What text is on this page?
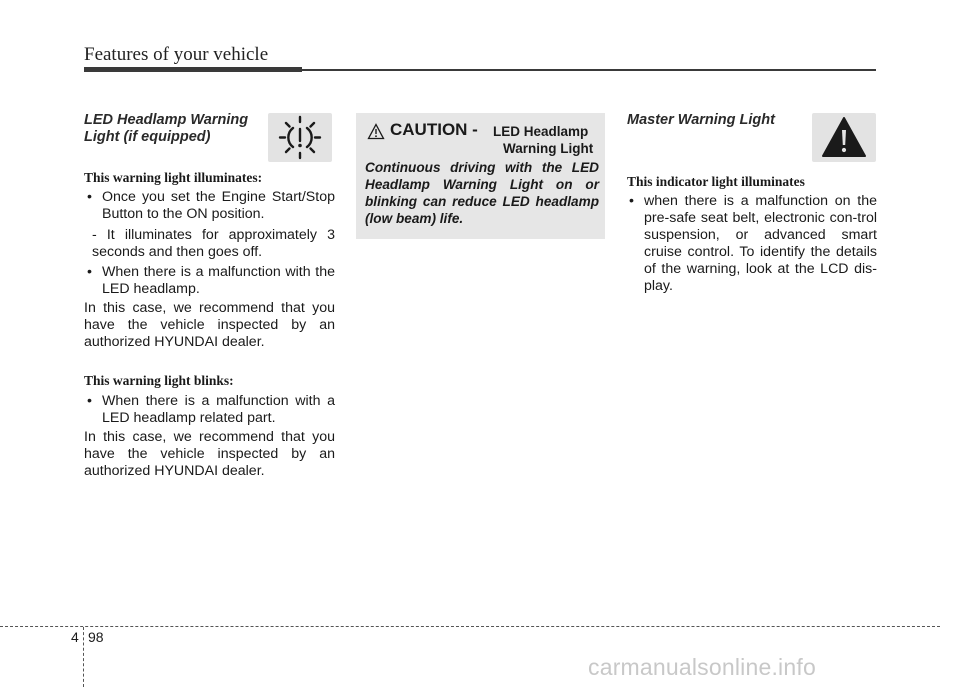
Features of your vehicle
LED Headlamp Warning
Light (if equipped)
This warning light illuminates:
• Once you set the Engine Start/Stop Button to the ON position.
- It illuminates for approximately 3 seconds and then goes off.
• When there is a malfunction with the LED headlamp.
In this case, we recommend that you have the vehicle inspected by an authorized HYUNDAI dealer.
This warning light blinks:
• When there is a malfunction with a LED headlamp related part.
In this case, we recommend that you have the vehicle inspected by an authorized HYUNDAI dealer.
CAUTION - LED Headlamp
Warning Light
Continuous driving with the LED Headlamp Warning Light on or blinking can reduce LED headlamp (low beam) life.
Master Warning Light
This indicator light illuminates
• when there is a malfunction on the pre-safe seat belt, electronic con-trol suspension, or advanced smart cruise control. To identify the details of the warning, look at the LCD dis-play.
4 98
carmanualsonline.info
